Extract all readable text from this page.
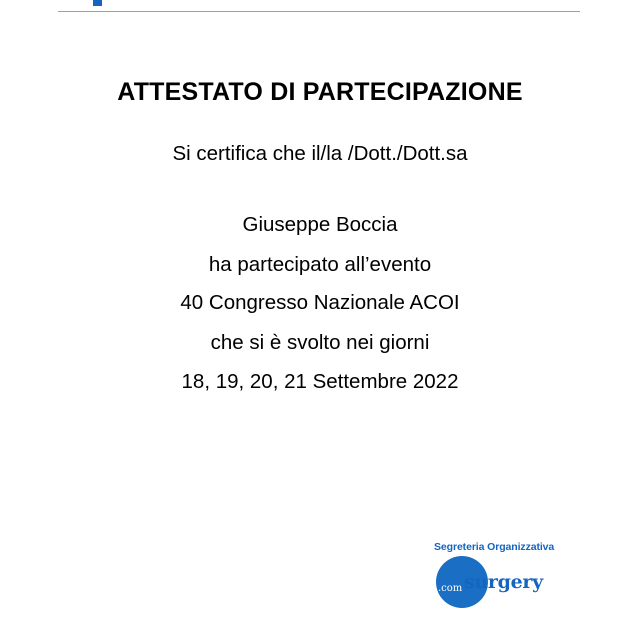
ATTESTATO DI PARTECIPAZIONE
Si certifica che il/la /Dott./Dott.sa
Giuseppe Boccia
ha partecipato all’evento
40 Congresso Nazionale ACOI
che si è svolto nei giorni
18, 19, 20, 21 Settembre 2022
Segreteria Organizzativa
.com surgery
